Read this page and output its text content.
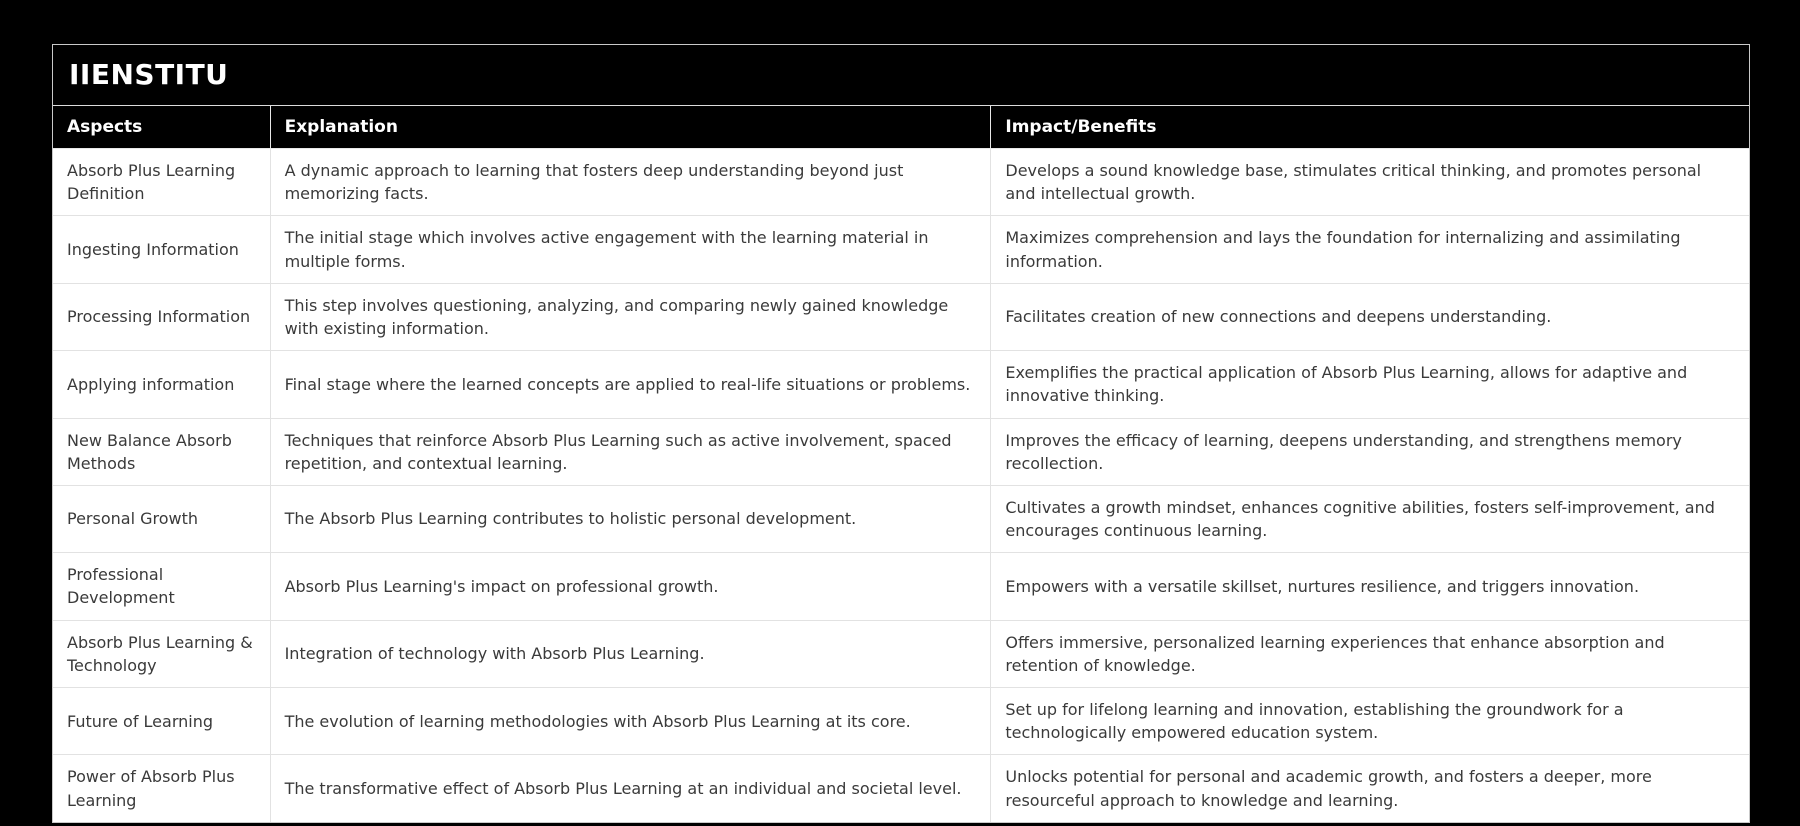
IIENSTITU
Aspects	Explanation	Impact/Benefits
Absorb Plus Learning Definition	A dynamic approach to learning that fosters deep understanding beyond just memorizing facts.	Develops a sound knowledge base, stimulates critical thinking, and promotes personal and intellectual growth.
Ingesting Information	The initial stage which involves active engagement with the learning material in multiple forms.	Maximizes comprehension and lays the foundation for internalizing and assimilating information.
Processing Information	This step involves questioning, analyzing, and comparing newly gained knowledge with existing information.	Facilitates creation of new connections and deepens understanding.
Applying information	Final stage where the learned concepts are applied to real-life situations or problems.	Exemplifies the practical application of Absorb Plus Learning, allows for adaptive and innovative thinking.
New Balance Absorb Methods	Techniques that reinforce Absorb Plus Learning such as active involvement, spaced repetition, and contextual learning.	Improves the efficacy of learning, deepens understanding, and strengthens memory recollection.
Personal Growth	The Absorb Plus Learning contributes to holistic personal development.	Cultivates a growth mindset, enhances cognitive abilities, fosters self-improvement, and encourages continuous learning.
Professional Development	Absorb Plus Learning's impact on professional growth.	Empowers with a versatile skillset, nurtures resilience, and triggers innovation.
Absorb Plus Learning & Technology	Integration of technology with Absorb Plus Learning.	Offers immersive, personalized learning experiences that enhance absorption and retention of knowledge.
Future of Learning	The evolution of learning methodologies with Absorb Plus Learning at its core.	Set up for lifelong learning and innovation, establishing the groundwork for a technologically empowered education system.
Power of Absorb Plus Learning	The transformative effect of Absorb Plus Learning at an individual and societal level.	Unlocks potential for personal and academic growth, and fosters a deeper, more resourceful approach to knowledge and learning.
